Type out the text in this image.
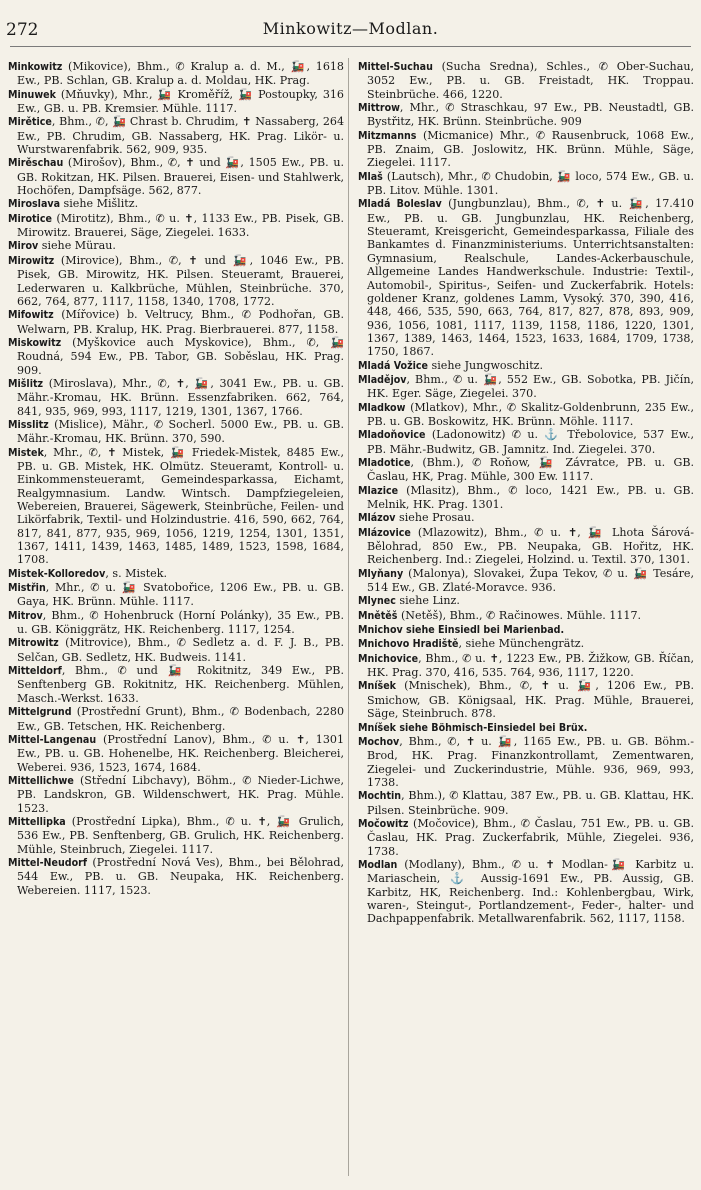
272	Minkowitz—Modlan.

Minkowitz (Mikovice), Bhm., ✆ Kralup a. d. M., 🚂, 1618 Ew., PB. Schlan, GB. Kralup a. d. Moldau, HK. Prag.

Minuwek (Mňuvky), Mhr., 🚂 Kroměříž, 🚂 Postoupky, 316 Ew., GB. u. PB. Kremsier. Mühle. 1117.

Mirětice, Bhm., ✆, 🚂 Chrast b. Chrudim, ✝ Nassaberg, 264 Ew., PB. Chrudim, GB. Nassaberg, HK. Prag. Likör- u. Wurstwarenfabrik. 562, 909, 935.

Mirěschau (Mirošov), Bhm., ✆, ✝ und 🚂, 1505 Ew., PB. u. GB. Rokitzan, HK. Pilsen. Brauerei, Eisen- und Stahlwerk, Hochöfen, Dampfsäge. 562, 877.

Miroslava siehe Mišlitz.

Mirotice (Mirotitz), Bhm., ✆ u. ✝, 1133 Ew., PB. Pisek, GB. Mirowitz. Brauerei, Säge, Ziegelei. 1633.

Mirov siehe Mürau.

Mirowitz (Mirovice), Bhm., ✆, ✝ und 🚂, 1046 Ew., PB. Pisek, GB. Mirowitz, HK. Pilsen. Steueramt, Brauerei, Lederwaren u. Kalkbrüche, Mühlen, Steinbrüche. 370, 662, 764, 877, 1117, 1158, 1340, 1708, 1772.

Mifowitz (Mířovice) b. Veltrucy, Bhm., ✆ Podhořan, GB. Welwarn, PB. Kralup, HK. Prag. Bierbrauerei. 877, 1158.

Miskowitz (Myškovice auch Myskovice), Bhm., ✆, 🚂 Roudná, 594 Ew., PB. Tabor, GB. Soběslau, HK. Prag. 909.

Mišlitz (Miroslava), Mhr., ✆, ✝, 🚂, 3041 Ew., PB. u. GB. Mähr.-Kromau, HK. Brünn. Essenzfabriken. 662, 764, 841, 935, 969, 993, 1117, 1219, 1301, 1367, 1766.

Misslitz (Mislice), Mähr., ✆ Socherl. 5000 Ew., PB. u. GB. Mähr.-Kromau, HK. Brünn. 370, 590.

Mistek, Mhr., ✆, ✝ Mistek, 🚂 Friedek-Mistek, 8485 Ew., PB. u. GB. Mistek, HK. Olmütz. Steueramt, Kontroll- u. Einkommensteueramt, Gemeindesparkassa, Eichamt, Realgymnasium. Landw. Wintsch. Dampfziegeleien, Webereien, Brauerei, Sägewerk, Steinbrüche, Feilen- und Likörfabrik, Textil- und Holzindustrie. 416, 590, 662, 764, 817, 841, 877, 935, 969, 1056, 1219, 1254, 1301, 1351, 1367, 1411, 1439, 1463, 1485, 1489, 1523, 1598, 1684, 1708.

Mistek-Kolloredov, s. Mistek.

Mistřin, Mhr., ✆ u. 🚂 Svatobořice, 1206 Ew., PB. u. GB. Gaya, HK. Brünn. Mühle. 1117.

Mitrov, Bhm., ✆ Hohenbruck (Horní Polánky), 35 Ew., PB. u. GB. Königgrätz, HK. Reichenberg. 1117, 1254.

Mitrowitz (Mitrovice), Bhm., ✆ Sedletz a. d. F. J. B., PB. Selčan, GB. Sedletz, HK. Budweis. 1141.

Mitteldorf, Bhm., ✆ und 🚂 Rokitnitz, 349 Ew., PB. Senftenberg GB. Rokitnitz, HK. Reichenberg. Mühlen, Masch.-Werkst. 1633.

Mittelgrund (Prostřední Grunt), Bhm., ✆ Bodenbach, 2280 Ew., GB. Tetschen, HK. Reichenberg.

Mittel-Langenau (Prostřední Lanov), Bhm., ✆ u. ✝, 1301 Ew., PB. u. GB. Hohenelbe, HK. Reichenberg. Bleicherei, Weberei. 936, 1523, 1674, 1684.

Mittellichwe (Střední Libchavy), Böhm., ✆ Nieder-Lichwe, PB. Landskron, GB. Wildenschwert, HK. Prag. Mühle. 1523.

Mittellipka (Prostřední Lipka), Bhm., ✆ u. ✝, 🚂 Grulich, 536 Ew., PB. Senftenberg, GB. Grulich, HK. Reichenberg. Mühle, Steinbruch, Ziegelei. 1117.

Mittel-Neudorf (Prostřední Nová Ves), Bhm., bei Bělohrad, 544 Ew., PB. u. GB. Neupaka, HK. Reichenberg. Webereien. 1117, 1523.

Mittel-Suchau (Sucha Sredna), Schles., ✆ Ober-Suchau, 3052 Ew., PB. u. GB. Freistadt, HK. Troppau. Steinbrüche. 466, 1220.

Mittrow, Mhr., ✆ Straschkau, 97 Ew., PB. Neustadtl, GB. Bystřitz, HK. Brünn. Steinbrüche. 909

Mitzmanns (Micmanice) Mhr., ✆ Rausenbruck, 1068 Ew., PB. Znaim, GB. Joslowitz, HK. Brünn. Mühle, Säge, Ziegelei. 1117.

Mlaš (Lautsch), Mhr., ✆ Chudobin, 🚂 loco, 574 Ew., GB. u. PB. Litov. Mühle. 1301.

Mladá Boleslav (Jungbunzlau), Bhm., ✆, ✝ u. 🚂, 17.410 Ew., PB. u. GB. Jungbunzlau, HK. Reichenberg, Steueramt, Kreisgericht, Gemeindesparkassa, Filiale des Bankamtes d. Finanzministeriums. Unterrichtsanstalten: Gymnasium, Realschule, Landes-Ackerbauschule, Allgemeine Landes Handwerkschule. Industrie: Textil-, Automobil-, Spiritus-, Seifen- und Zuckerfabrik. Hotels: goldener Kranz, goldenes Lamm, Vysoký. 370, 390, 416, 448, 466, 535, 590, 663, 764, 817, 827, 878, 893, 909, 936, 1056, 1081, 1117, 1139, 1158, 1186, 1220, 1301, 1367, 1389, 1463, 1464, 1523, 1633, 1684, 1709, 1738, 1750, 1867.

Mladá Vožice siehe Jungwoschitz.

Mladějov, Bhm., ✆ u. 🚂, 552 Ew., GB. Sobotka, PB. Jičín, HK. Eger. Säge, Ziegelei. 370.

Mladkow (Mlatkov), Mhr., ✆ Skalitz-Goldenbrunn, 235 Ew., PB. u. GB. Boskowitz, HK. Brünn. Möhle. 1117.

Mladoňovice (Ladonowitz) ✆ u. ⚓ Třebolovice, 537 Ew., PB. Mähr.-Budwitz, GB. Jamnitz. Ind. Ziegelei. 370.

Mladotice, (Bhm.), ✆ Roňow, 🚂 Závratce, PB. u. GB. Časlau, HK, Prag. Mühle, 300 Ew. 1117.

Mlazice (Mlasitz), Bhm., ✆ loco, 1421 Ew., PB. u. GB. Melnik, HK. Prag. 1301.

Mlázov siehe Prosau.

Mlázovice (Mlazowitz), Bhm., ✆ u. ✝, 🚂 Lhota Šárová-Bělohrad, 850 Ew., PB. Neupaka, GB. Hořitz, HK. Reichenberg. Ind.: Ziegelei, Holzind. u. Textil. 370, 1301.

Mlyňany (Malonya), Slovakei, Župa Tekov, ✆ u. 🚂 Tesáre, 514 Ew., GB. Zlaté-Moravce. 936.

Mlynec siehe Linz.

Mnětěš (Netěš), Bhm., ✆ Račinowes. Mühle. 1117.

Mnichov siehe Einsiedl bei Marienbad.

Mnichovo Hradiště, siehe Münchengrätz.

Mnichovice, Bhm., ✆ u. ✝, 1223 Ew., PB. Žižkow, GB. Říčan, HK. Prag. 370, 416, 535. 764, 936, 1117, 1220.

Mníšek (Mnischek), Bhm., ✆, ✝ u. 🚂, 1206 Ew., PB. Smichow, GB. Königsaal, HK. Prag. Mühle, Brauerei, Säge, Steinbruch. 878.

Mníšek siehe Böhmisch-Einsiedel bei Brüx.

Mochov, Bhm., ✆, ✝ u. 🚂, 1165 Ew., PB. u. GB. Böhm.-Brod, HK. Prag. Finanzkontrollamt, Zementwaren, Ziegelei- und Zuckerindustrie, Mühle. 936, 969, 993, 1738.

Mochtin, Bhm.), ✆ Klattau, 387 Ew., PB. u. GB. Klattau, HK. Pilsen. Steinbrüche. 909.

Močowitz (Močovice), Bhm., ✆ Časlau, 751 Ew., PB. u. GB. Časlau, HK. Prag. Zuckerfabrik, Mühle, Ziegelei. 936, 1738.

Modlan (Modlany), Bhm., ✆ u. ✝ Modlan-🚂 Karbitz u. Mariaschein, ⚓ Aussig-1691 Ew., PB. Aussig, GB. Karbitz, HK, Reichenberg. Ind.: Kohlenbergbau, Wirk, waren-, Steingut-, Portlandzement-, Feder-, halter- und Dachpappenfabrik. Metallwarenfabrik. 562, 1117, 1158.
